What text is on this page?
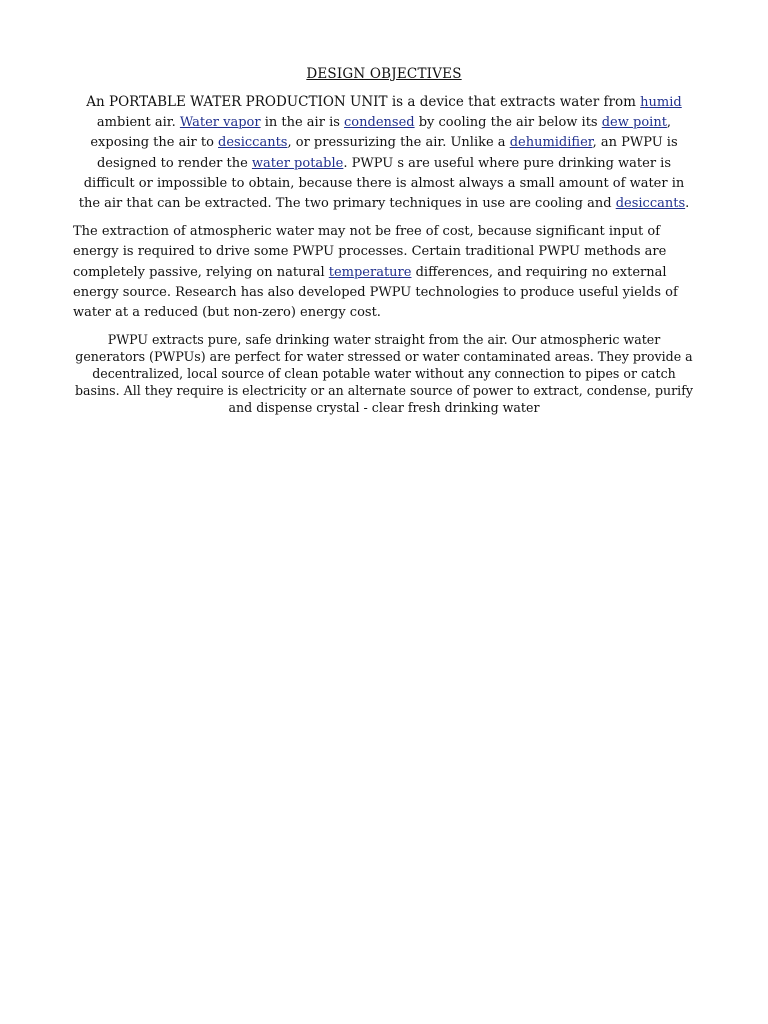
DESIGN OBJECTIVES

An PORTABLE WATER PRODUCTION UNIT is a device that extracts water from humid ambient air. Water vapor in the air is condensed by cooling the air below its dew point, exposing the air to desiccants, or pressurizing the air. Unlike a dehumidifier, an PWPU is designed to render the water potable. PWPU s are useful where pure drinking water is difficult or impossible to obtain, because there is almost always a small amount of water in the air that can be extracted. The two primary techniques in use are cooling and desiccants.

The extraction of atmospheric water may not be free of cost, because significant input of energy is required to drive some PWPU processes. Certain traditional PWPU methods are completely passive, relying on natural temperature differences, and requiring no external energy source. Research has also developed PWPU technologies to produce useful yields of water at a reduced (but non-zero) energy cost.

PWPU extracts pure, safe drinking water straight from the air. Our atmospheric water generators (PWPUs) are perfect for water stressed or water contaminated areas. They provide a decentralized, local source of clean potable water without any connection to pipes or catch basins. All they require is electricity or an alternate source of power to extract, condense, purify and dispense crystal - clear fresh drinking water
